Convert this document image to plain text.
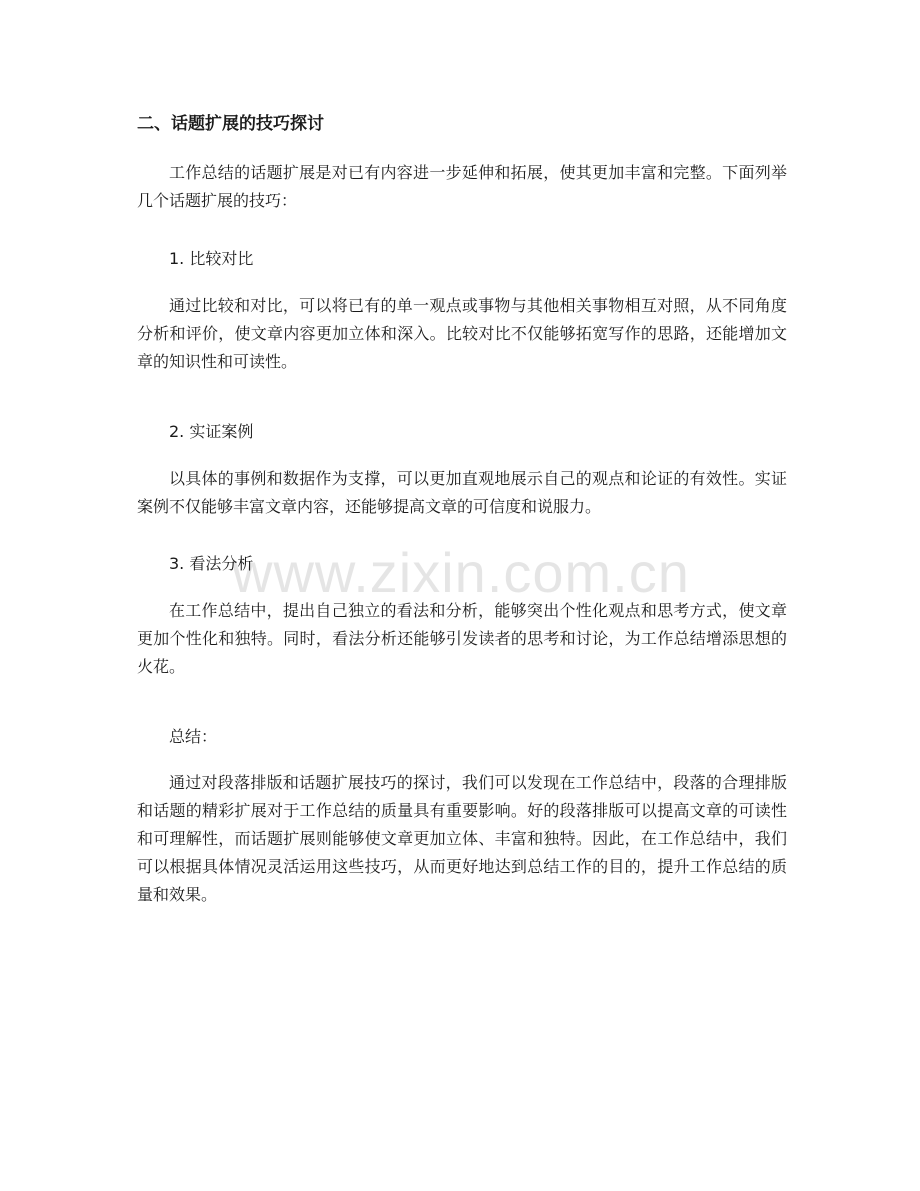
二、话题扩展的技巧探讨

工作总结的话题扩展是对已有内容进一步延伸和拓展，使其更加丰富和完整。下面列举几个话题扩展的技巧：

1. 比较对比

通过比较和对比，可以将已有的单一观点或事物与其他相关事物相互对照，从不同角度分析和评价，使文章内容更加立体和深入。比较对比不仅能够拓宽写作的思路，还能增加文章的知识性和可读性。

2. 实证案例

以具体的事例和数据作为支撑，可以更加直观地展示自己的观点和论证的有效性。实证案例不仅能够丰富文章内容，还能够提高文章的可信度和说服力。

3. 看法分析

在工作总结中，提出自己独立的看法和分析，能够突出个性化观点和思考方式，使文章更加个性化和独特。同时，看法分析还能够引发读者的思考和讨论，为工作总结增添思想的火花。

总结：

通过对段落排版和话题扩展技巧的探讨，我们可以发现在工作总结中，段落的合理排版和话题的精彩扩展对于工作总结的质量具有重要影响。好的段落排版可以提高文章的可读性和可理解性，而话题扩展则能够使文章更加立体、丰富和独特。因此，在工作总结中，我们可以根据具体情况灵活运用这些技巧，从而更好地达到总结工作的目的，提升工作总结的质量和效果。

www.zixin.com.cn
